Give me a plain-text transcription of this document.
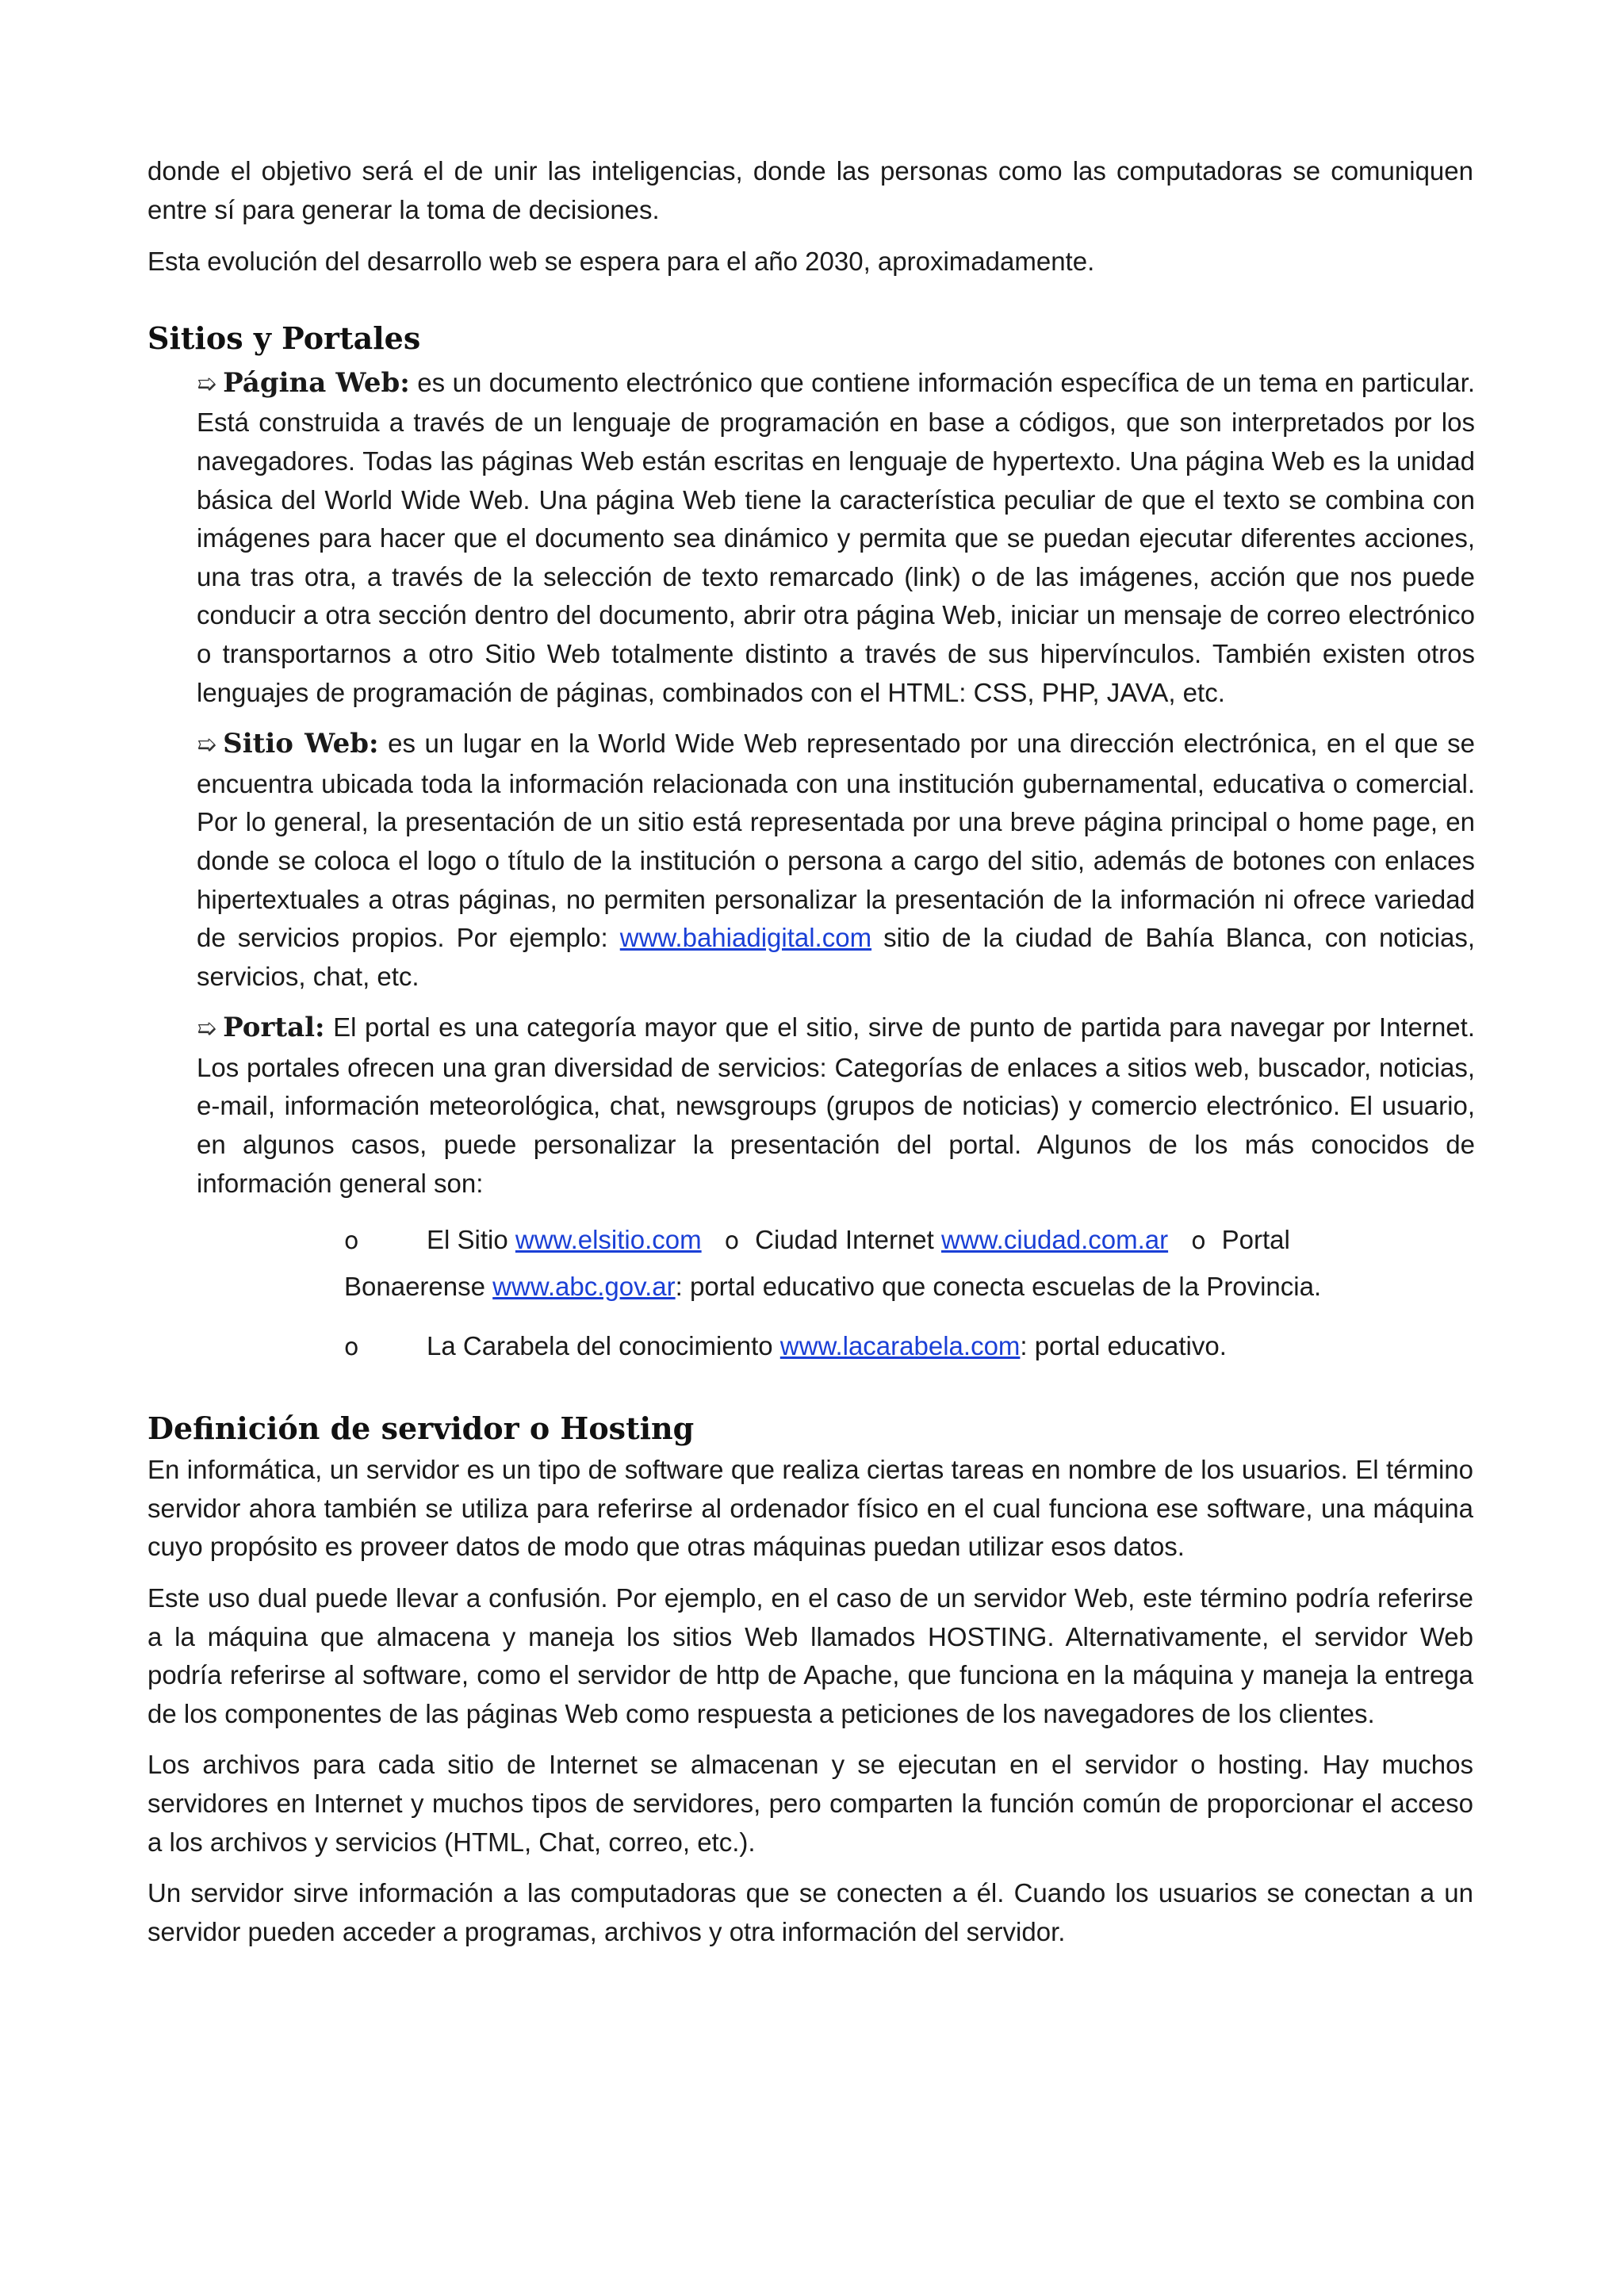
donde el objetivo será el de unir las inteligencias, donde las personas como las computadoras se comuniquen entre sí para generar la toma de decisiones.

Esta evolución del desarrollo web se espera para el año 2030, aproximadamente.

Sitios y Portales

➯ Página Web: es un documento electrónico que contiene información específica de un tema en particular. Está construida a través de un lenguaje de programación en base a códigos, que son interpretados por los navegadores. Todas las páginas Web están escritas en lenguaje de hypertexto. Una página Web es la unidad básica del World Wide Web. Una página Web tiene la característica peculiar de que el texto se combina con imágenes para hacer que el documento sea dinámico y permita que se puedan ejecutar diferentes acciones, una tras otra, a través de la selección de texto remarcado (link) o de las imágenes, acción que nos puede conducir a otra sección dentro del documento, abrir otra página Web, iniciar un mensaje de correo electrónico o transportarnos a otro Sitio Web totalmente distinto a través de sus hipervínculos. También existen otros lenguajes de programación de páginas, combinados con el HTML: CSS, PHP, JAVA, etc.

➯ Sitio Web: es un lugar en la World Wide Web representado por una dirección electrónica, en el que se encuentra ubicada toda la información relacionada con una institución gubernamental, educativa o comercial. Por lo general, la presentación de un sitio está representada por una breve página principal o home page, en donde se coloca el logo o título de la institución o persona a cargo del sitio, además de botones con enlaces hipertextuales a otras páginas, no permiten personalizar la presentación de la información ni ofrece variedad de servicios propios. Por ejemplo: www.bahiadigital.com sitio de la ciudad de Bahía Blanca, con noticias, servicios, chat, etc.

➯ Portal: El portal es una categoría mayor que el sitio, sirve de punto de partida para navegar por Internet. Los portales ofrecen una gran diversidad de servicios: Categorías de enlaces a sitios web, buscador, noticias, e-mail, información meteorológica, chat, newsgroups (grupos de noticias) y comercio electrónico. El usuario, en algunos casos, puede personalizar la presentación del portal. Algunos de los más conocidos de información general son:

o	El Sitio www.elsitio.com o Ciudad Internet www.ciudad.com.ar o Portal Bonaerense www.abc.gov.ar: portal educativo que conecta escuelas de la Provincia.
o	La Carabela del conocimiento www.lacarabela.com: portal educativo.
Definición de servidor o Hosting

En informática, un servidor es un tipo de software que realiza ciertas tareas en nombre de los usuarios. El término servidor ahora también se utiliza para referirse al ordenador físico en el cual funciona ese software, una máquina cuyo propósito es proveer datos de modo que otras máquinas puedan utilizar esos datos.

Este uso dual puede llevar a confusión. Por ejemplo, en el caso de un servidor Web, este término podría referirse a la máquina que almacena y maneja los sitios Web llamados HOSTING. Alternativamente, el servidor Web podría referirse al software, como el servidor de http de Apache, que funciona en la máquina y maneja la entrega de los componentes de las páginas Web como respuesta a peticiones de los navegadores de los clientes.

Los archivos para cada sitio de Internet se almacenan y se ejecutan en el servidor o hosting. Hay muchos servidores en Internet y muchos tipos de servidores, pero comparten la función común de proporcionar el acceso a los archivos y servicios (HTML, Chat, correo, etc.).

Un servidor sirve información a las computadoras que se conecten a él. Cuando los usuarios se conectan a un servidor pueden acceder a programas, archivos y otra información del servidor.
